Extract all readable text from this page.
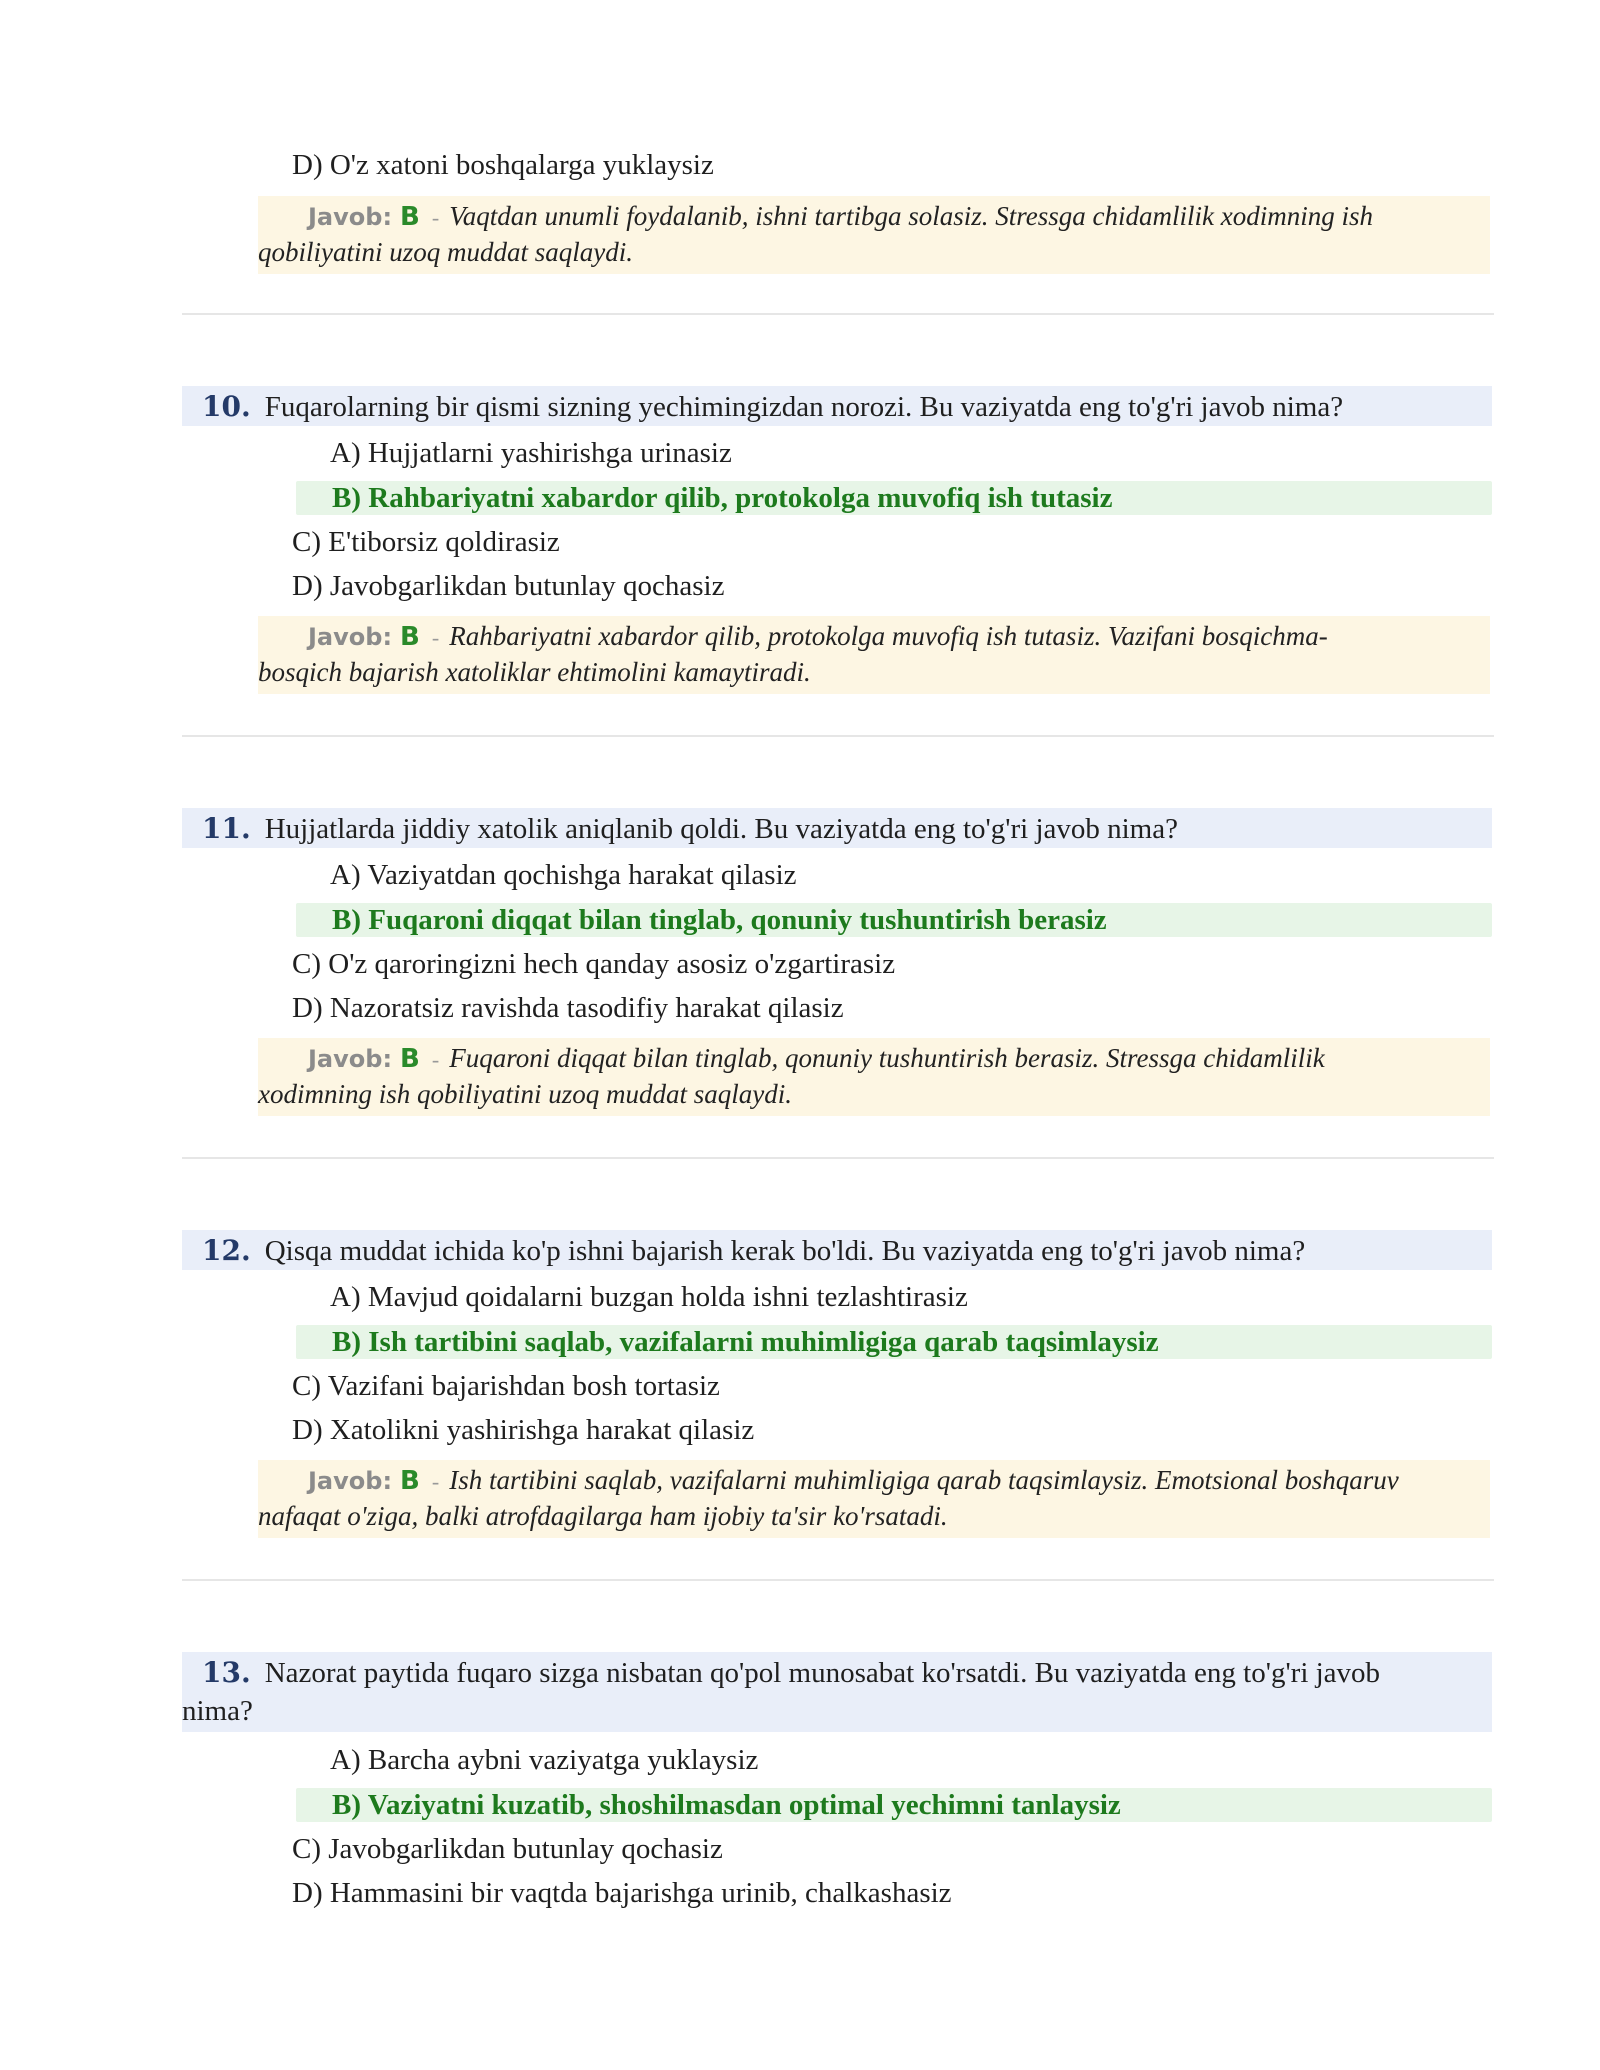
D) O'z xatoni boshqalarga yuklaysiz
Javob: B - Vaqtdan unumli foydalanib, ishni tartibga solasiz. Stressga chidamlilik xodimning ish
qobiliyatini uzoq muddat saqlaydi.
10. Fuqarolarning bir qismi sizning yechimingizdan norozi. Bu vaziyatda eng to'g'ri javob nima?
A) Hujjatlarni yashirishga urinasiz
B) Rahbariyatni xabardor qilib, protokolga muvofiq ish tutasiz
C) E'tiborsiz qoldirasiz
D) Javobgarlikdan butunlay qochasiz
Javob: B - Rahbariyatni xabardor qilib, protokolga muvofiq ish tutasiz. Vazifani bosqichma-
bosqich bajarish xatoliklar ehtimolini kamaytiradi.
11. Hujjatlarda jiddiy xatolik aniqlanib qoldi. Bu vaziyatda eng to'g'ri javob nima?
A) Vaziyatdan qochishga harakat qilasiz
B) Fuqaroni diqqat bilan tinglab, qonuniy tushuntirish berasiz
C) O'z qaroringizni hech qanday asosiz o'zgartirasiz
D) Nazoratsiz ravishda tasodifiy harakat qilasiz
Javob: B - Fuqaroni diqqat bilan tinglab, qonuniy tushuntirish berasiz. Stressga chidamlilik
xodimning ish qobiliyatini uzoq muddat saqlaydi.
12. Qisqa muddat ichida ko'p ishni bajarish kerak bo'ldi. Bu vaziyatda eng to'g'ri javob nima?
A) Mavjud qoidalarni buzgan holda ishni tezlashtirasiz
B) Ish tartibini saqlab, vazifalarni muhimligiga qarab taqsimlaysiz
C) Vazifani bajarishdan bosh tortasiz
D) Xatolikni yashirishga harakat qilasiz
Javob: B - Ish tartibini saqlab, vazifalarni muhimligiga qarab taqsimlaysiz. Emotsional boshqaruv
nafaqat o'ziga, balki atrofdagilarga ham ijobiy ta'sir ko'rsatadi.
13. Nazorat paytida fuqaro sizga nisbatan qo'pol munosabat ko'rsatdi. Bu vaziyatda eng to'g'ri javob
nima?
A) Barcha aybni vaziyatga yuklaysiz
B) Vaziyatni kuzatib, shoshilmasdan optimal yechimni tanlaysiz
C) Javobgarlikdan butunlay qochasiz
D) Hammasini bir vaqtda bajarishga urinib, chalkashasiz
